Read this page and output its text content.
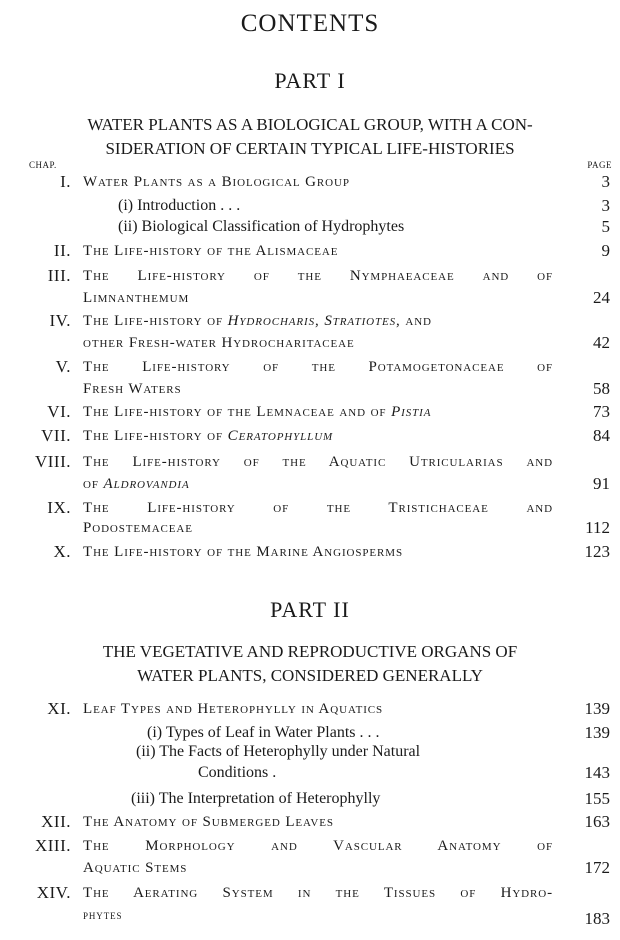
CONTENTS
PART I
WATER PLANTS AS A BIOLOGICAL GROUP, WITH A CON-
SIDERATION OF CERTAIN TYPICAL LIFE-HISTORIES
CHAP.	PAGE
I. Water Plants as a Biological Group	3
(i) Introduction . . .	3
(ii) Biological Classification of Hydrophytes	5
II. The Life-history of the Alismaceae	9
III. The Life-history of the Nymphaeaceae and of
Limnanthemum	24
IV. The Life-history of Hydrocharis, Stratiotes, and
other Fresh-water Hydrocharitaceae	42
V. The Life-history of the Potamogetonaceae of
Fresh Waters	58
VI. The Life-history of the Lemnaceae and of Pistia	73
VII. The Life-history of Ceratophyllum	84
VIII. The Life-history of the Aquatic Utricularias and
of Aldrovandia	91
IX. The Life-history of the Tristichaceae and
Podostemaceae	112
X. The Life-history of the Marine Angiosperms	123
XI. Leaf Types and Heterophylly in Aquatics	139
(i) Types of Leaf in Water Plants . . .	139
(ii) The Facts of Heterophylly under Natural
Conditions .	143
(iii) The Interpretation of Heterophylly	155
XII. The Anatomy of Submerged Leaves	163
XIII. The Morphology and Vascular Anatomy of
Aquatic Stems	172
XIV. The Aerating System in the Tissues of Hydro-
phytes	183
PART II
THE VEGETATIVE AND REPRODUCTIVE ORGANS OF
WATER PLANTS, CONSIDERED GENERALLY
